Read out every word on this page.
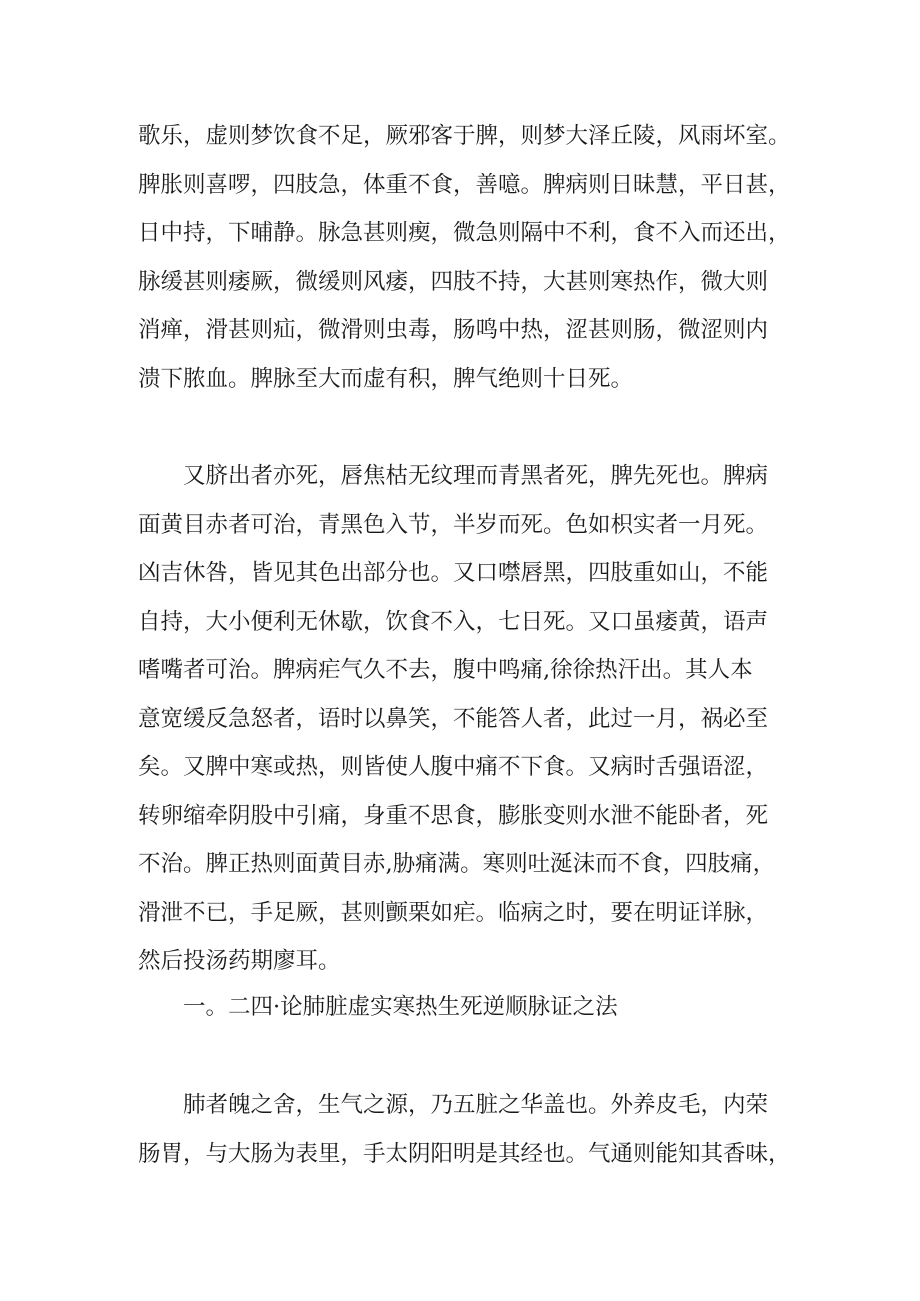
歌乐，虚则梦饮食不足，厥邪客于脾，则梦大泽丘陵，风雨坏室。
脾胀则喜啰，四肢急，体重不食，善噫。脾病则日昧慧，平日甚，
日中持，下晡静。脉急甚则瘈，微急则隔中不利，食不入而还出，
脉缓甚则痿厥，微缓则风痿，四肢不持，大甚则寒热作，微大则
消瘅，滑甚则疝，微滑则虫毒，肠鸣中热，涩甚则肠，微涩则内
溃下脓血。脾脉至大而虚有积，脾气绝则十日死。
又脐出者亦死，唇焦枯无纹理而青黑者死，脾先死也。脾病
面黄目赤者可治，青黑色入节，半岁而死。色如枳实者一月死。
凶吉休咎，皆见其色出部分也。又口噤唇黑，四肢重如山，不能
自持，大小便利无休歇，饮食不入，七日死。又口虽痿黄，语声
嗜嘴者可治。脾病疟气久不去，腹中鸣痛,徐徐热汗出。其人本
意宽缓反急怒者，语时以鼻笑，不能答人者，此过一月，祸必至
矣。又脾中寒或热，则皆使人腹中痛不下食。又病时舌强语涩，
转卵缩牵阴股中引痛，身重不思食，膨胀变则水泄不能卧者，死
不治。脾正热则面黄目赤,胁痛满。寒则吐涎沫而不食，四肢痛，
滑泄不已，手足厥，甚则颤栗如疟。临病之时，要在明证详脉，
然后投汤药期廖耳。
一。二四·论肺脏虚实寒热生死逆顺脉证之法
肺者魄之舍，生气之源，乃五脏之华盖也。外养皮毛，内荣
肠胃，与大肠为表里，手太阴阳明是其经也。气通则能知其香味，
